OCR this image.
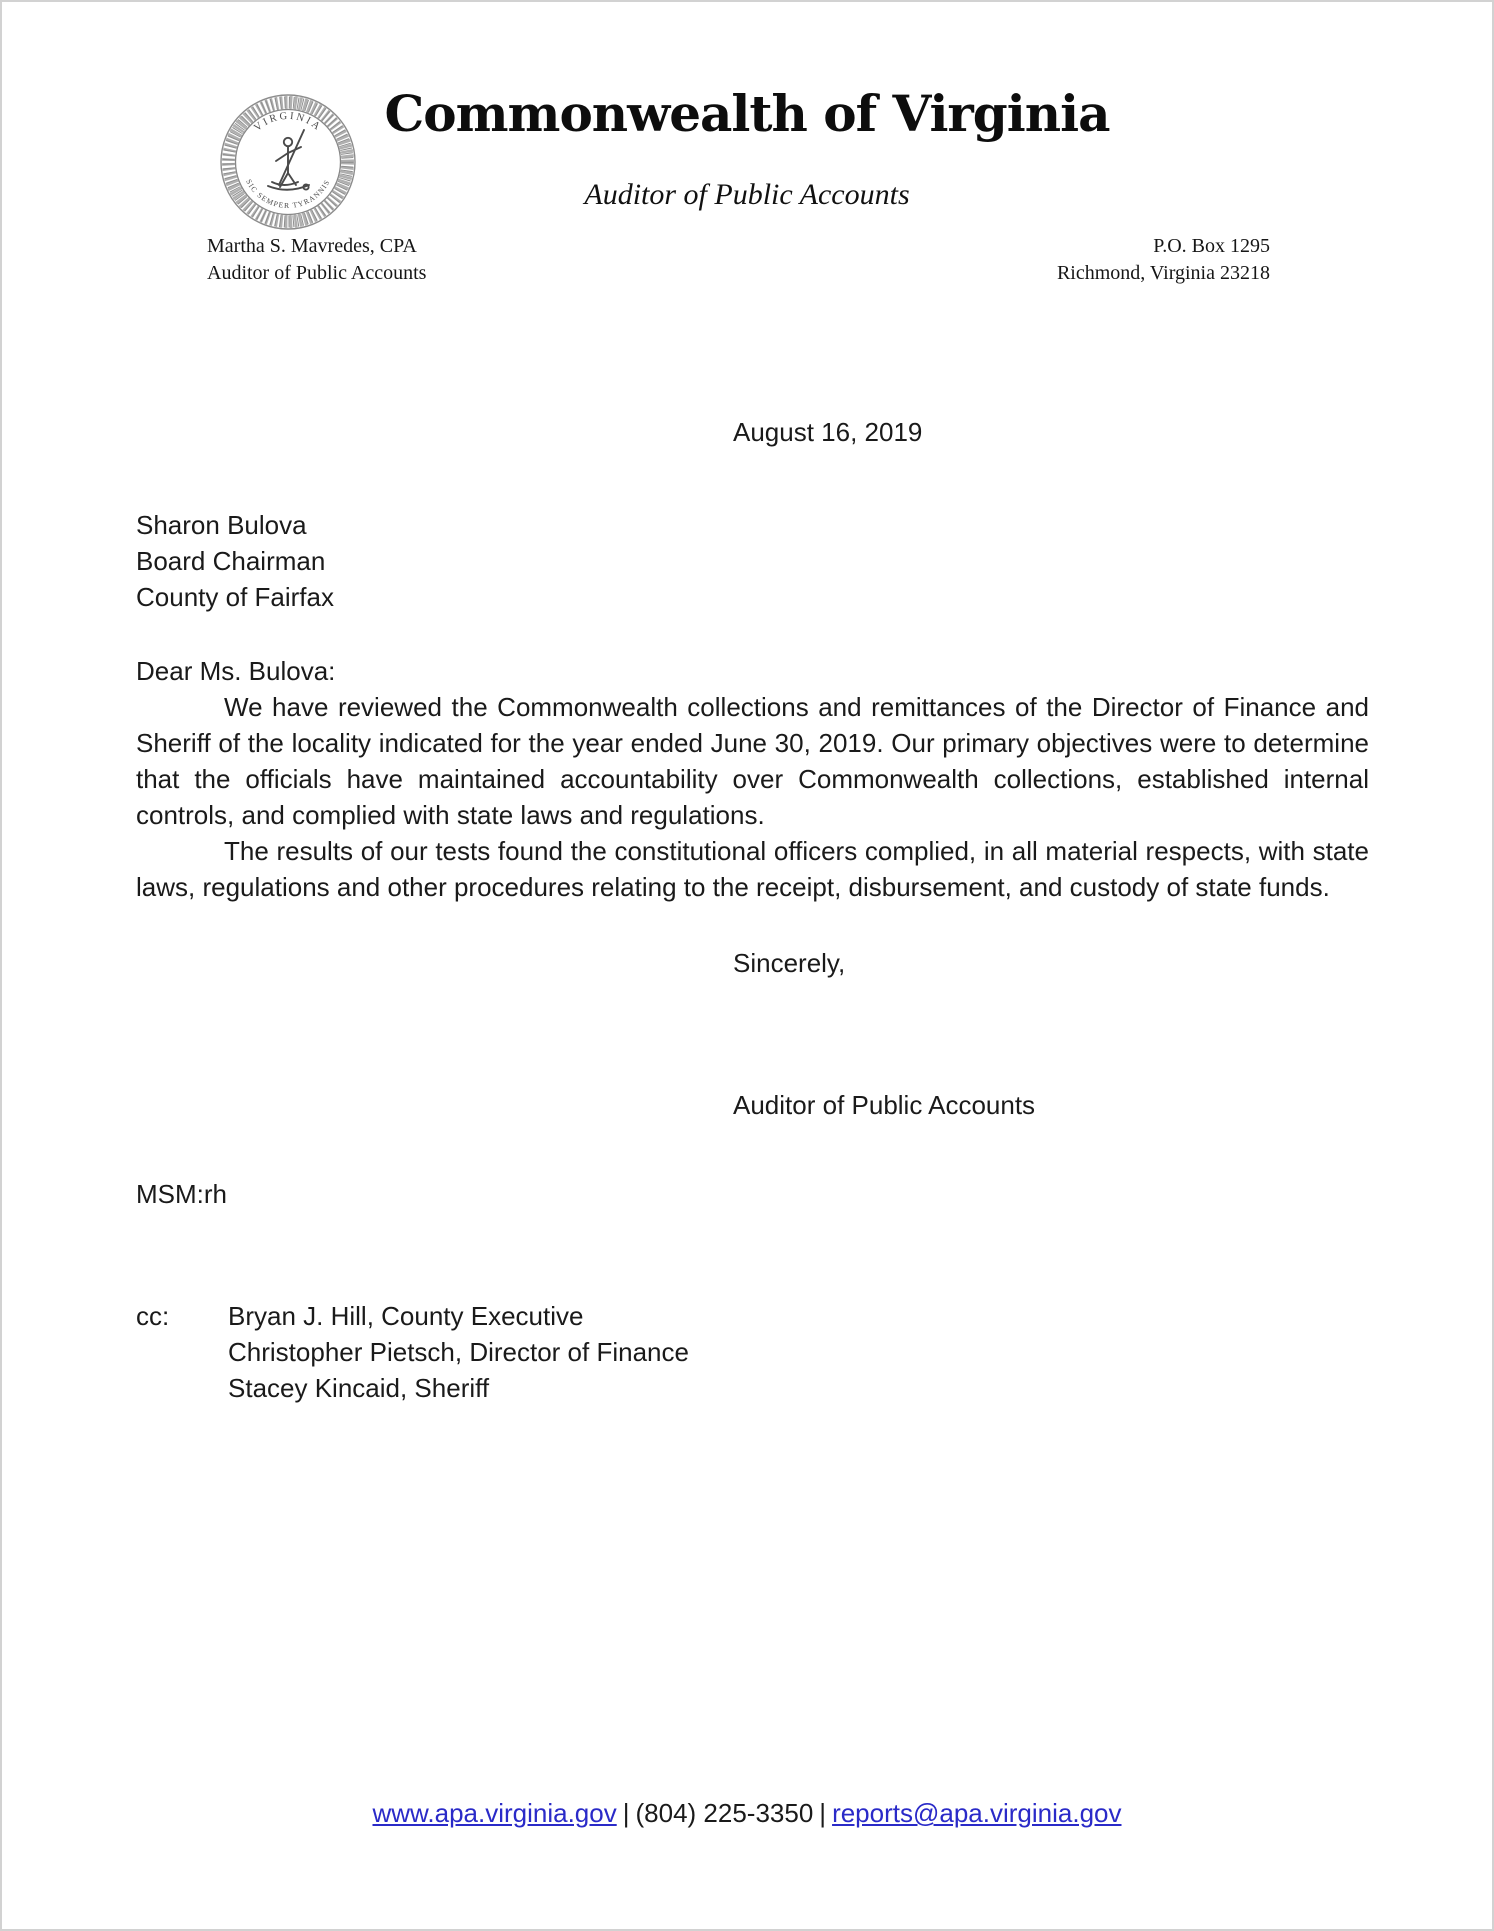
VIRGINIA
SIC SEMPER TYRANNIS
Commonwealth of Virginia
Auditor of Public Accounts
Martha S. Mavredes, CPA
Auditor of Public Accounts
P.O. Box 1295
Richmond, Virginia 23218
August 16, 2019
Sharon Bulova
Board Chairman
County of Fairfax
Dear Ms. Bulova:

We have reviewed the Commonwealth collections and remittances of the Director of Finance and Sheriff of the locality indicated for the year ended June 30, 2019. Our primary objectives were to determine that the officials have maintained accountability over Commonwealth collections, established internal controls, and complied with state laws and regulations.

The results of our tests found the constitutional officers complied, in all material respects, with state laws, regulations and other procedures relating to the receipt, disbursement, and custody of state funds.

Sincerely,
Auditor of Public Accounts
MSM:rh
cc:	Bryan J. Hill, County Executive
Christopher Pietsch, Director of Finance
Stacey Kincaid, Sheriff
www.apa.virginia.gov | (804) 225-3350 | reports@apa.virginia.gov
